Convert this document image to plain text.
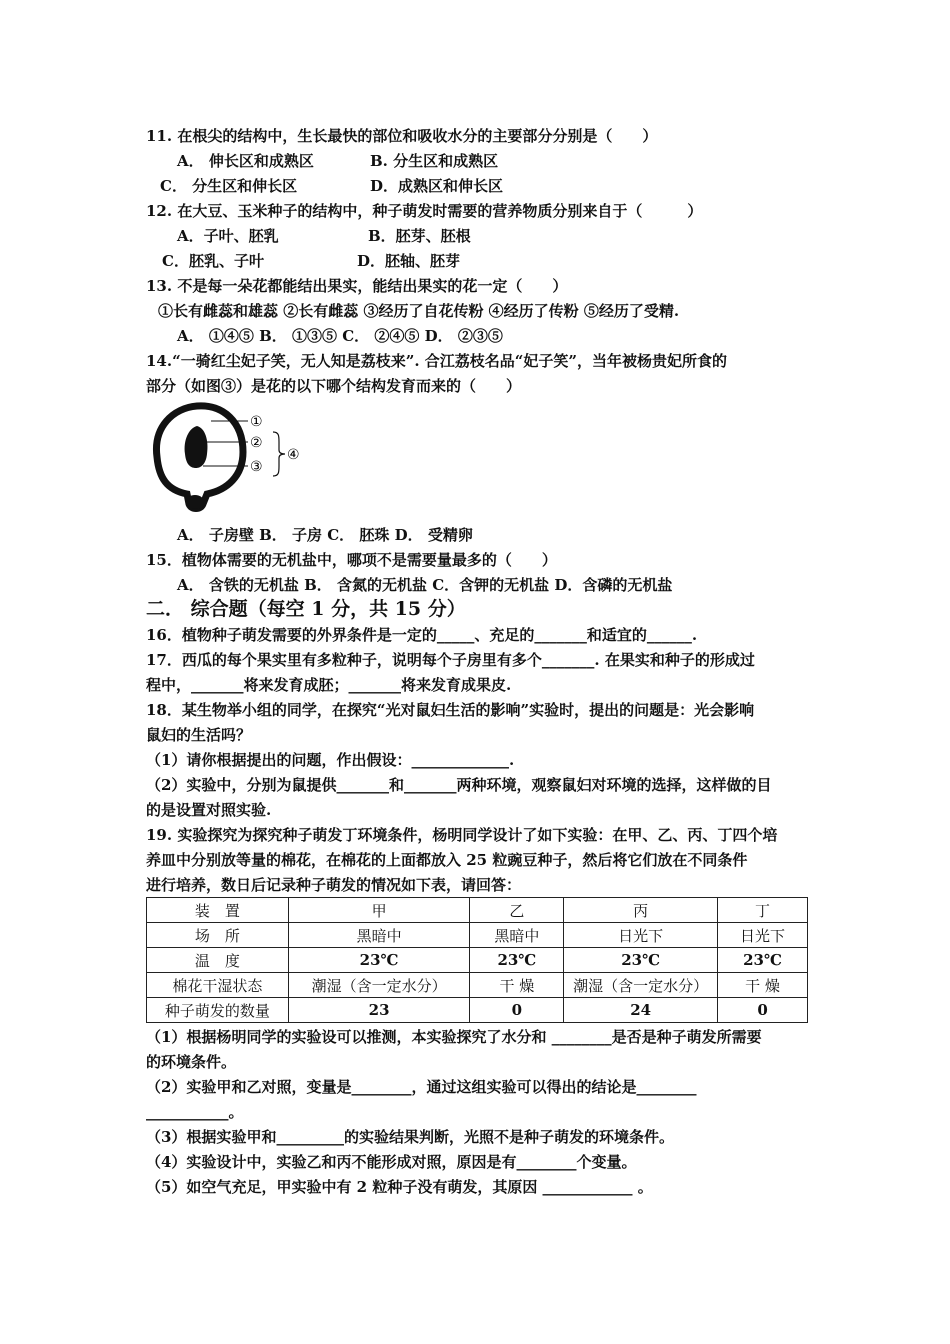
11. 在根尖的结构中，生长最快的部位和吸收水分的主要部分分别是（　　）
A． 伸长区和成熟区	B. 分生区和成熟区
C． 分生区和伸长区	D．成熟区和伸长区
12. 在大豆、玉米种子的结构中，种子萌发时需要的营养物质分别来自于（　　　）
A．子叶、胚乳	B．胚芽、胚根
C．胚乳、子叶	D．胚轴、胚芽
13. 不是每一朵花都能结出果实，能结出果实的花一定（　　）
①长有雌蕊和雄蕊 ②长有雌蕊 ③经历了自花传粉 ④经历了传粉 ⑤经历了受精.
A． ①④⑤ B． ①③⑤ C． ②④⑤ D． ②③⑤
14.“一骑红尘妃子笑，无人知是荔枝来”. 合江荔枝名品“妃子笑”，当年被杨贵妃所食的
部分（如图③）是花的以下哪个结构发育而来的（　　）
①
②
③
④
A． 子房壁 B． 子房 C． 胚珠 D． 受精卵
15．植物体需要的无机盐中，哪项不是需要量最多的（　　）
A． 含铁的无机盐 B． 含氮的无机盐 C．含钾的无机盐 D．含磷的无机盐
二． 综合题（每空 1 分，共 15 分）
16．植物种子萌发需要的外界条件是一定的_____、充足的_______和适宜的______.
17．西瓜的每个果实里有多粒种子，说明每个子房里有多个_______. 在果实和种子的形成过
程中，_______将来发育成胚；_______将来发育成果皮.
18．某生物举小组的同学，在探究“光对鼠妇生活的影响”实验时，提出的问题是：光会影响
鼠妇的生活吗？
（1）请你根据提出的问题，作出假设：_____________.
（2）实验中，分别为鼠提供_______和_______两种环境，观察鼠妇对环境的选择，这样做的目
的是设置对照实验.
19. 实验探究为探究种子萌发丁环境条件，杨明同学设计了如下实验：在甲、乙、丙、丁四个培
养皿中分别放等量的棉花，在棉花的上面都放入 25 粒豌豆种子，然后将它们放在不同条件
进行培养，数日后记录种子萌发的情况如下表，请回答：
装　置	甲	乙	丙	丁
场　所	黑暗中	黑暗中	日光下	日光下
温　度	23℃	23℃	23℃	23℃
棉花干湿状态	潮湿（含一定水分）	干 燥	潮湿（含一定水分）	干 燥
种子萌发的数量	23	0	24	0
（1）根据杨明同学的实验设可以推测，本实验探究了水分和 ________是否是种子萌发所需要
的环境条件。
（2）实验甲和乙对照，变量是________，通过这组实验可以得出的结论是________
___________。
（3）根据实验甲和_________的实验结果判断，光照不是种子萌发的环境条件。
（4）实验设计中，实验乙和丙不能形成对照，原因是有________个变量。
（5）如空气充足，甲实验中有 2 粒种子没有萌发，其原因 ____________ 。
